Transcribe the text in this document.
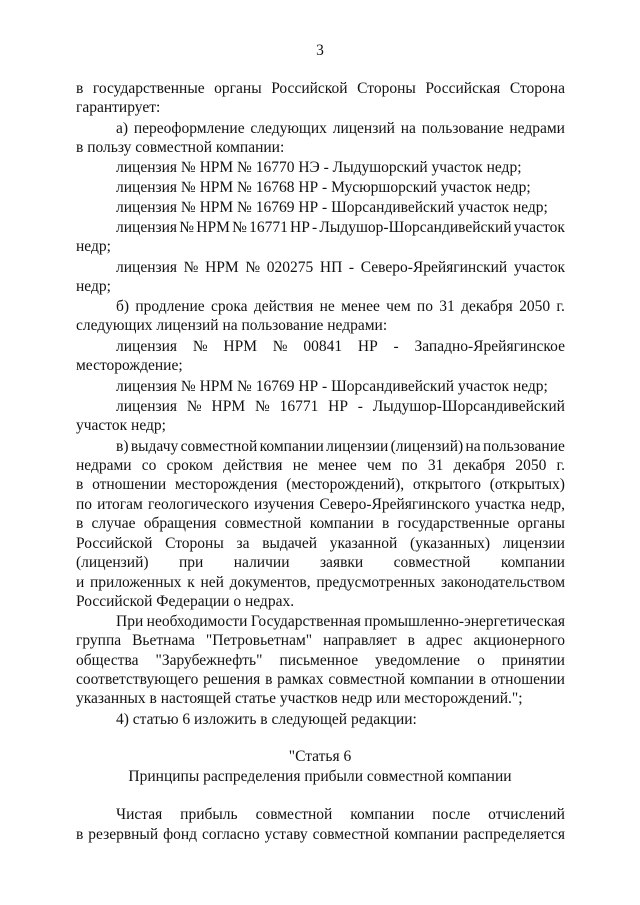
3
в государственные органы Российской Стороны Российская Сторона
гарантирует:
а) переоформление следующих лицензий на пользование недрами
в пользу совместной компании:
лицензия № НРМ № 16770 НЭ - Лыдушорский участок недр;
лицензия № НРМ № 16768 НР - Мусюршорский участок недр;
лицензия № НРМ № 16769 НР - Шорсандивейский участок недр;
лицензия № НРМ № 16771 НР - Лыдушор-Шорсандивейский участок
недр;
лицензия № НРМ № 020275 НП - Северо-Ярейягинский участок
недр;
б) продление срока действия не менее чем по 31 декабря 2050 г.
следующих лицензий на пользование недрами:
лицензия № НРМ № 00841 НР - Западно-Ярейягинское
месторождение;
лицензия № НРМ № 16769 НР - Шорсандивейский участок недр;
лицензия № НРМ № 16771 НР - Лыдушор-Шорсандивейский
участок недр;
в) выдачу совместной компании лицензии (лицензий) на пользование
недрами со сроком действия не менее чем по 31 декабря 2050 г.
в отношении месторождения (месторождений), открытого (открытых)
по итогам геологического изучения Северо-Ярейягинского участка недр,
в случае обращения совместной компании в государственные органы
Российской Стороны за выдачей указанной (указанных) лицензии
(лицензий) при наличии заявки совместной компании
и приложенных к ней документов, предусмотренных законодательством
Российской Федерации о недрах.
При необходимости Государственная промышленно-энергетическая
группа Вьетнама "Петровьетнам" направляет в адрес акционерного
общества "Зарубежнефть" письменное уведомление о принятии
соответствующего решения в рамках совместной компании в отношении
указанных в настоящей статье участков недр или месторождений.";
4) статью 6 изложить в следующей редакции:
"Статья 6
Принципы распределения прибыли совместной компании
Чистая прибыль совместной компании после отчислений
в резервный фонд согласно уставу совместной компании распределяется
